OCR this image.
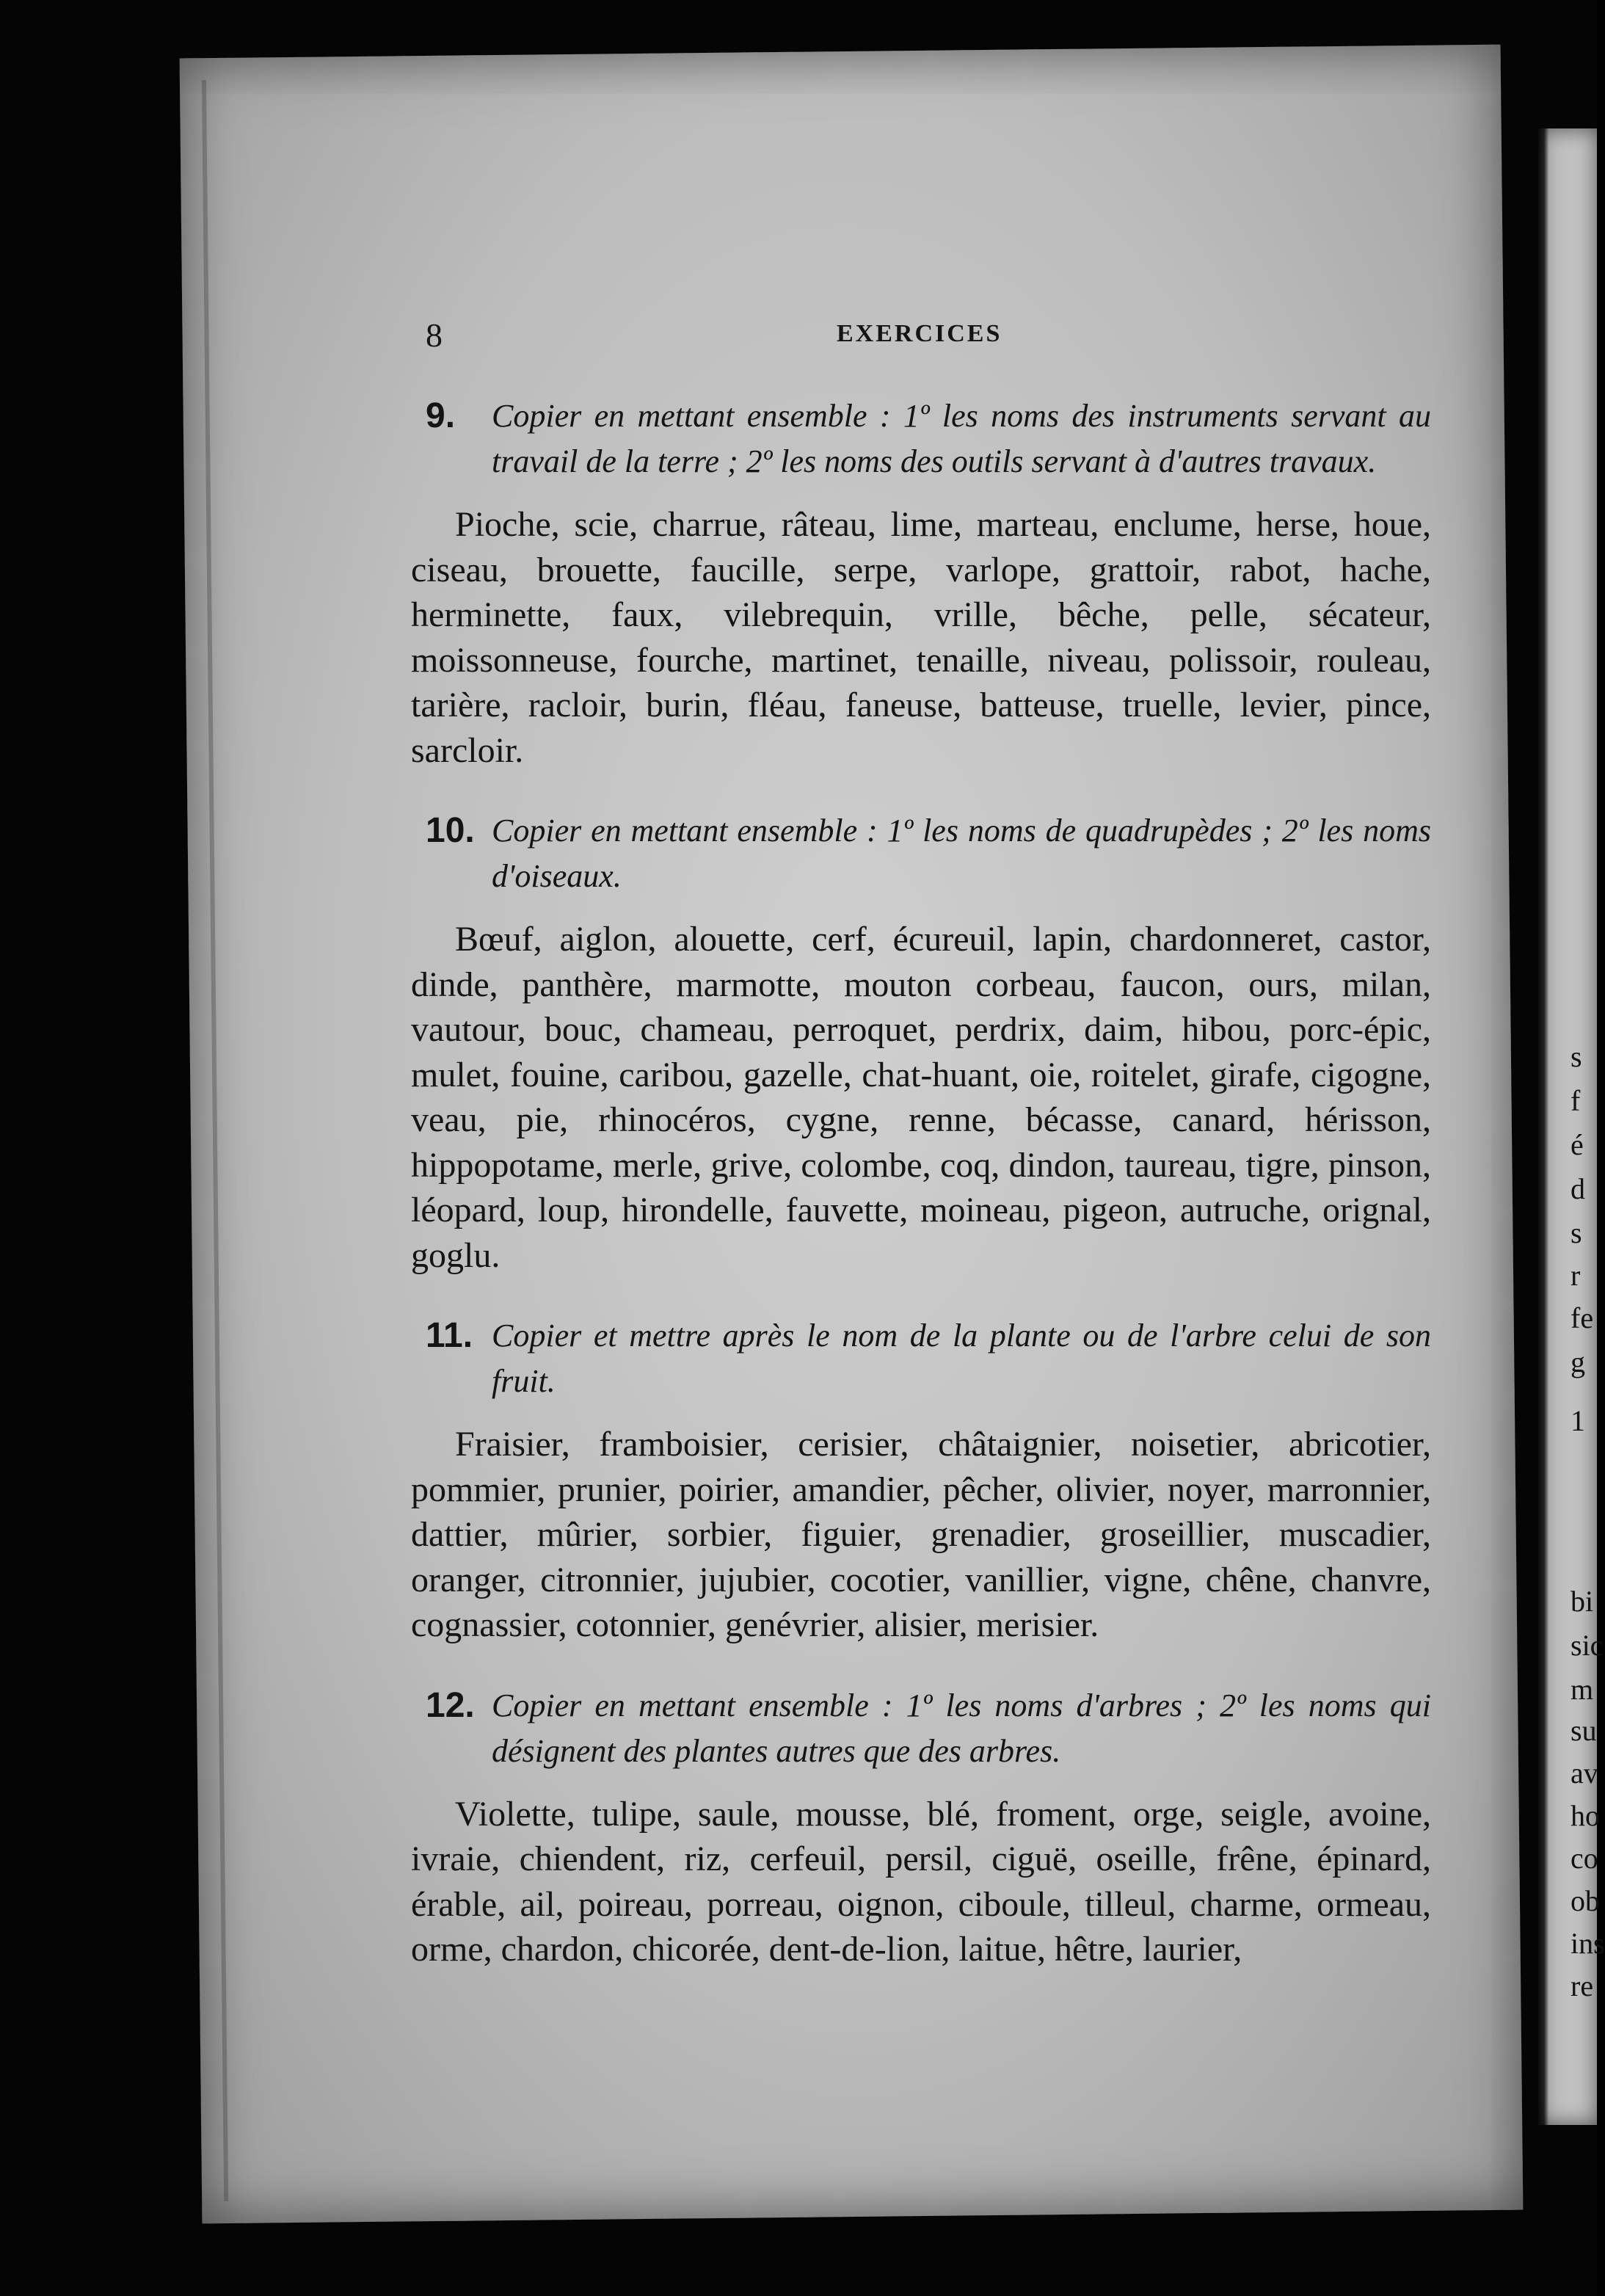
s
f
é
d
s
r
fe
g
1
bi
sic
m
su
av
ho
co
ob
ins
re
8	EXERCICES
9. Copier en mettant ensemble : 1º les noms des instruments servant au travail de la terre ; 2º les noms des outils servant à d'autres travaux.

Pioche, scie, charrue, râteau, lime, marteau, enclume, herse, houe, ciseau, brouette, faucille, serpe, varlope, grattoir, rabot, hache, herminette, faux, vilebrequin, vrille, bêche, pelle, sécateur, moissonneuse, fourche, martinet, tenaille, niveau, polissoir, rouleau, tarière, racloir, burin, fléau, faneuse, batteuse, truelle, levier, pince, sarcloir.

10. Copier en mettant ensemble : 1º les noms de quadrupèdes ; 2º les noms d'oiseaux.

Bœuf, aiglon, alouette, cerf, écureuil, lapin, chardonneret, castor, dinde, panthère, marmotte, mouton corbeau, faucon, ours, milan, vautour, bouc, chameau, perroquet, perdrix, daim, hibou, porc-épic, mulet, fouine, caribou, gazelle, chat-huant, oie, roitelet, girafe, cigogne, veau, pie, rhinocéros, cygne, renne, bécasse, canard, hérisson, hippopotame, merle, grive, colombe, coq, dindon, taureau, tigre, pinson, léopard, loup, hirondelle, fauvette, moineau, pigeon, autruche, orignal, goglu.

11. Copier et mettre après le nom de la plante ou de l'arbre celui de son fruit.

Fraisier, framboisier, cerisier, châtaignier, noisetier, abricotier, pommier, prunier, poirier, amandier, pêcher, olivier, noyer, marronnier, dattier, mûrier, sorbier, figuier, grenadier, groseillier, muscadier, oranger, citronnier, jujubier, cocotier, vanillier, vigne, chêne, chanvre, cognassier, cotonnier, genévrier, alisier, merisier.

12. Copier en mettant ensemble : 1º les noms d'arbres ; 2º les noms qui désignent des plantes autres que des arbres.

Violette, tulipe, saule, mousse, blé, froment, orge, seigle, avoine, ivraie, chiendent, riz, cerfeuil, persil, ciguë, oseille, frêne, épinard, érable, ail, poireau, porreau, oignon, ciboule, tilleul, charme, ormeau, orme, chardon, chicorée, dent-de-lion, laitue, hêtre, laurier,
